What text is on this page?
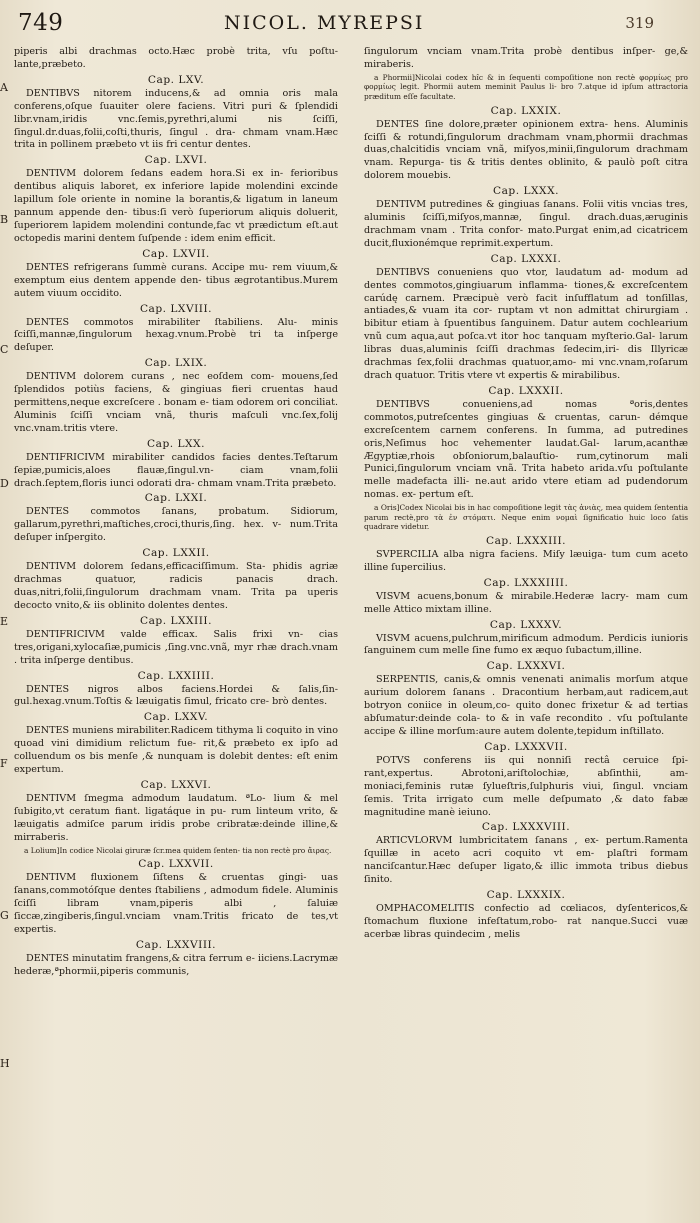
749	NICOL. MYREPSI	319
A
B
C
D
E
F
G
H

piperis albi drachmas octo.Hæc probè trita, vſu poſtu- lante,præbeto.

Cap. LXV.

DENTIBVS nitorem inducens,& ad omnia oris mala conferens,oſque ſuauiter olere faciens. Vitri puri & ſplendidi libr.vnam,iridis vnc.ſemis,pyrethri,alumi nis ſciſſi, ſingul.dr.duas,folii,coſti,thuris, ſingul . dra- chmam vnam.Hæc trita in pollinem præbeto vt iis fri centur dentes.

Cap. LXVI.

DENTIVM dolorem ſedans eadem hora.Si ex in- ferioribus dentibus aliquis laboret, ex inferiore lapide molendini excinde lapillum ſole oriente in nomine la borantis,& ligatum in laneum pannum appende den- tibus:ſi verò ſuperiorum aliquis doluerit, ſuperiorem lapidem molendini contunde,fac vt prædictum eſt.aut octopedis marini dentem ſuſpende : idem enim efficit.

Cap. LXVII.

DENTES refrigerans ſummè curans. Accipe mu- rem viuum,& exemptum eius dentem appende den- tibus ægrotantibus.Murem autem viuum occidito.

Cap. LXVIII.

DENTES commotos mirabiliter ſtabiliens. Alu- minis ſciſſi,mannæ,ſingulorum hexag.vnum.Probè tri ta inſperge deſuper.

Cap. LXIX.

DENTIVM dolorem curans , nec eoſdem com- mouens,ſed ſplendidos potiùs faciens, & gingiuas fieri cruentas haud permittens,neque excreſcere . bonam e- tiam odorem ori conciliat. Aluminis ſciſſi vnciam vnã, thuris maſculi vnc.ſex,folij vnc.vnam.tritis vtere.

Cap. LXX.

DENTIFRICIVM mirabiliter candidos facies dentes.Teſtarum ſepiæ,pumicis,aloes flauæ,ſingul.vn- ciam vnam,folii drach.ſeptem,floris iunci odorati dra- chmam vnam.Trita præbeto.

Cap. LXXI.

DENTES commotos ſanans, probatum. Sidiorum, gallarum,pyrethri,maſtiches,croci,thuris,ſing. hex. v- num.Trita deſuper inſpergito.

Cap. LXXII.

DENTIVM dolorem ſedans,efficaciſſimum. Sta- phidis agriæ drachmas quatuor, radicis panacis drach. duas,nitri,folii,ſingulorum drachmam vnam. Trita pa uperis decocto vnito,& iis oblinito dolentes dentes.

Cap. LXXIII.

DENTIFRICIVM valde efficax. Salis frixi vn- cias tres,origani,xylocaſiæ,pumicis ,ſing.vnc.vnã, myr rhæ drach.vnam . trita inſperge dentibus.

Cap. LXXIIII.

DENTES nigros albos faciens.Hordei & ſalis,ſin- gul.hexag.vnum.Toſtis & læuigatis ſimul, fricato cre- brò dentes.

Cap. LXXV.

DENTES muniens mirabiliter.Radicem tithyma li coquito in vino quoad vini dimidium relictum fue- rit,& præbeto ex ipſo ad colluendum os bis menſe ,& nunquam is dolebit dentes: eſt enim expertum.

Cap. LXXVI.

DENTIVM ſmegma admodum laudatum. ªLo- lium & mel ſubigito,vt ceratum fiant. ligatáque in pu- rum linteum vrito, & læuigatis admiſce parum iridis probe cribratæ:deinde illine,& mirraberis.

a Lolium]In codice Nicolai giruræ ſcr.mea quidem ſenten- tia non rectè pro ἄιρας.

Cap. LXXVII.

DENTIVM fluxionem ſiſtens & cruentas gingi- uas ſanans,commotóſque dentes ſtabiliens , admodum fidele. Aluminis ſciſſi libram vnam,piperis albi , ſaluiæ ſiccæ,zingiberis,ſingul.vnciam vnam.Tritis fricato de tes,vt expertis.

Cap. LXXVIII.

DENTES minutatim frangens,& citra ferrum e- iiciens.Lacrymæ hederæ,ªphormii,piperis communis,

ſingulorum vnciam vnam.Trita probè dentibus inſper- ge,& miraberis.

a Phormii]Nicolai codex hîc & in ſequenti compoſitione non rectè φορμίως pro φορμίως legit. Phormii autem meminit Paulus li- bro 7.atque id ipſum attractoria præditum eſſe facultate.

Cap. LXXIX.

DENTES ſine dolore,præter opinionem extra- hens. Aluminis ſciſſi & rotundi,ſingulorum drachmam vnam,phormii drachmas duas,chalcitidis vnciam vnã, miſyos,minii,ſingulorum drachmam vnam. Repurga- tis & tritis dentes oblinito, & paulò poſt citra dolorem mouebis.

Cap. LXXX.

DENTIVM putredines & gingiuas ſanans. Folii vitis vncias tres, aluminis ſciſſi,miſyos,mannæ, ſingul. drach.duas,æruginis drachmam vnam . Trita confor- mato.Purgat enim,ad cicatricem ducit,fluxionémque reprimit.expertum.

Cap. LXXXI.

DENTIBVS conueniens quo vtor, laudatum ad- modum ad dentes commotos,gingiuarum inflamma- tiones,& excreſcentem carúdę carnem. Præcipuè verò facit inſufflatum ad tonſillas, antiades,& vuam ita cor- ruptam vt non admittat chirurgiam . bibitur etiam à ſpuentibus ſanguinem. Datur autem cochlearium vnũ cum aqua,aut poſca.vt itor hoc tanquam myſterio.Gal- larum libras duas,aluminis ſciſſi drachmas ſedecim,iri- dis Illyricæ drachmas ſex,folii drachmas quatuor,amo- mi vnc.vnam,roſarum drach quatuor. Tritis vtere vt expertis & mirabilibus.

Cap. LXXXII.

DENTIBVS conueniens,ad nomas ªoris,dentes commotos,putreſcentes gingiuas & cruentas, carun- démque excreſcentem carnem conferens. In ſumma, ad putredines oris,Neſimus hoc vehementer laudat.Gal- larum,acanthæ Ægyptiæ,rhois obſoniorum,balauſtio- rum,cytinorum mali Punici,ſingulorum vnciam vnã. Trita habeto arida.vſu poſtulante melle madefacta illi- ne.aut arido vtere etiam ad pudendorum nomas. ex- pertum eſt.

a Oris]Codex Nicolai bis in hac compoſitione legit τὰς ἀνιὰς, mea quidem ſententia parum rectè,pro τὰ ἐν στόματι. Neque enim νομαὶ ſignificatio huic loco ſatis quadrare videtur.

Cap. LXXXIII.

SVPERCILIA alba nigra faciens. Miſy læuiga- tum cum aceto illine ſupercilius.

Cap. LXXXIIII.

VISVM acuens,bonum & mirabile.Hederæ lacry- mam cum melle Attico mixtam illine.

Cap. LXXXV.

VISVM acuens,pulchrum,mirificum admodum. Perdicis iunioris ſanguinem cum melle ſine fumo ex æquo ſubactum,illine.

Cap. LXXXVI.

SERPENTIS, canis,& omnis venenati animalis morſum atque aurium dolorem ſanans . Dracontium herbam,aut radicem,aut botryon coniice in oleum,co- quito donec frixetur & ad tertias abſumatur:deinde cola- to & in vaſe recondito . vſu poſtulante accipe & illine morſum:aure autem dolente,tepidum inſtillato.

Cap. LXXXVII.

POTVS conferens iis qui nonniſi rectâ ceruice ſpi- rant,expertus. Abrotoni,ariſtolochiæ, abſinthii, am- moniaci,feminis rutæ ſylueſtris,ſulphuris viui, ſingul. vnciam ſemis. Trita irrigato cum melle deſpumato ,& dato fabæ magnitudine manè ieiuno.

Cap. LXXXVIII.

ARTICVLORVM lumbricitatem ſanans , ex- pertum.Ramenta ſquillæ in aceto acri coquito vt em- plaſtri formam nanciſcantur.Hæc deſuper ligato,& illic immota tribus diebus ſinito.

Cap. LXXXIX.

OMPHACOMELITIS confectio ad cœliacos, dyſentericos,& ſtomachum fluxione infeſtatum,robo- rat nanque.Succi vuæ acerbæ libras quindecim , melis
